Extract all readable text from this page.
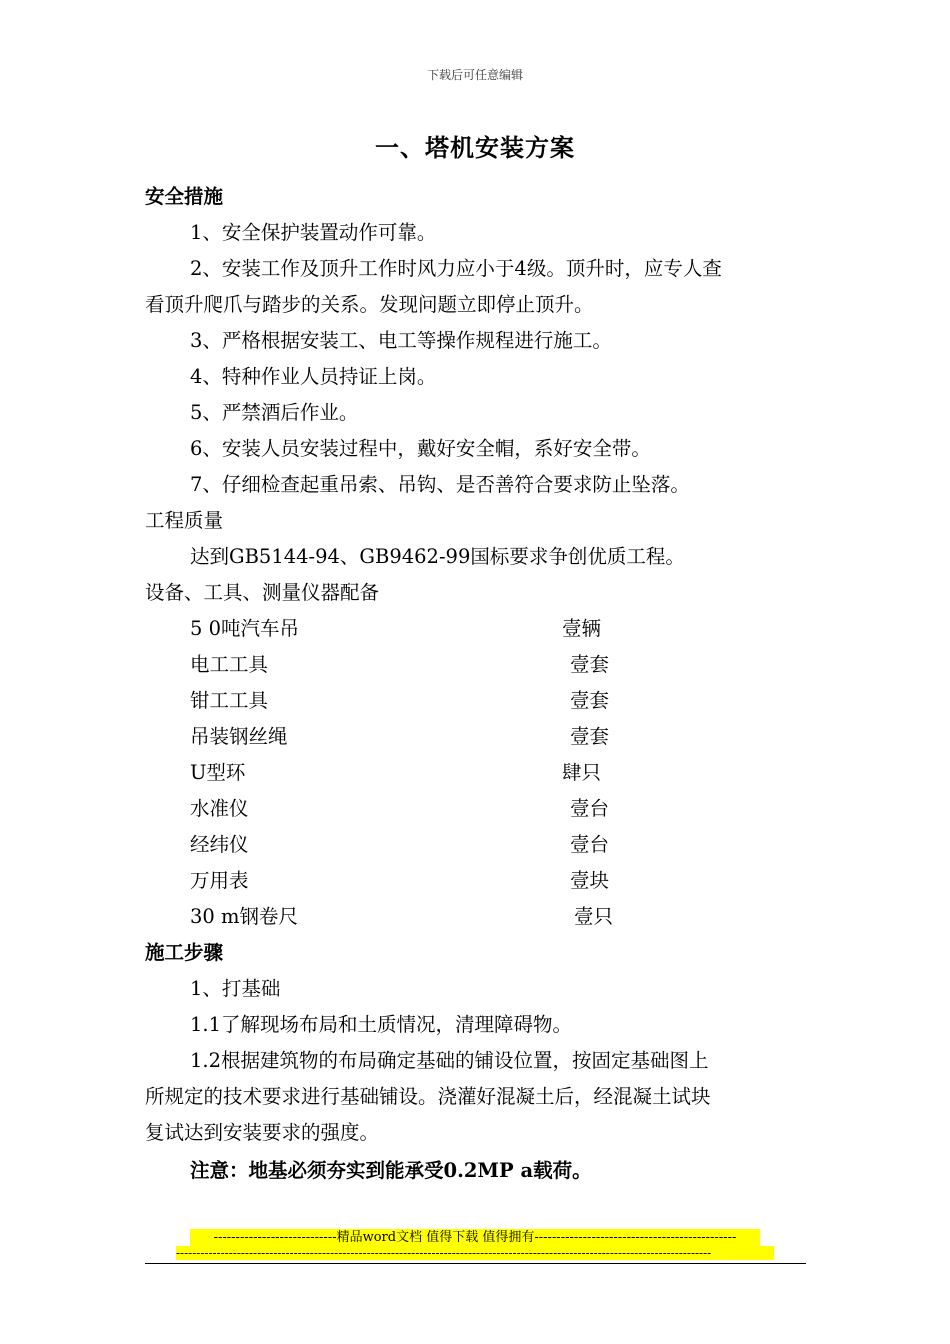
下载后可任意编辑
一、塔机安装方案
安全措施
1、安全保护装置动作可靠。
2、安装工作及顶升工作时风力应小于4级。顶升时，应专人查
看顶升爬爪与踏步的关系。发现问题立即停止顶升。
3、严格根据安装工、电工等操作规程进行施工。
4、特种作业人员持证上岗。
5、严禁酒后作业。
6、安装人员安装过程中，戴好安全帽，系好安全带。
7、仔细检查起重吊索、吊钩、是否善符合要求防止坠落。
工程质量
达到GB5144-94、GB9462-99国标要求争创优质工程。
设备、工具、测量仪器配备
5 0吨汽车吊	壹辆
电工工具	壹套
钳工工具	壹套
吊装钢丝绳	壹套
U型环	肆只
水准仪	壹台
经纬仪	壹台
万用表	壹块
30 m钢卷尺	壹只
施工步骤
1、打基础
1.1了解现场布局和土质情况，清理障碍物。
1.2根据建筑物的布局确定基础的铺设位置，按固定基础图上
所规定的技术要求进行基础铺设。浇灌好混凝土后，经混凝土试块
复试达到安装要求的强度。
注意：地基必须夯实到能承受0.2MP a载荷。
----------------------------精品word文档 值得下载 值得拥有----------------------------------------------
------------------------------------------------------------------------------------------------------------------------------------
